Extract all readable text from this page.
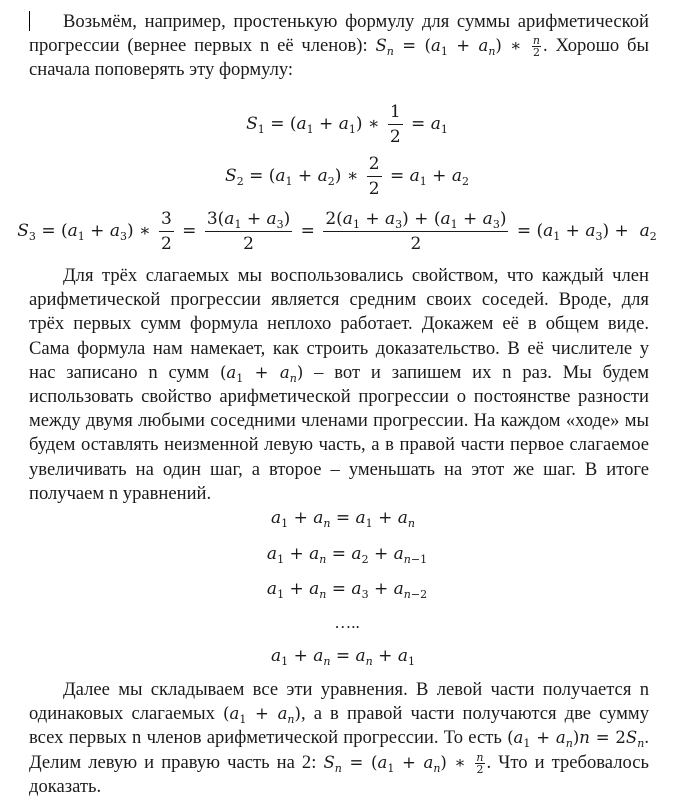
Возьмём, например, простенькую формулу для суммы арифметической прогрессии (вернее первых n её членов): $S_n = (a_1 + a_n)$ ∗ $\frac{n}{2}$ . Хорошо бы сначала поповерять эту формулу:

$S_1 = (a_1 + a_1)$ ∗ $\frac{1}{2} = a_1$
$S_2 = (a_1 + a_2)$ ∗ $\frac{2}{2} = a_1 + a_2$
$S_3 = (a_1 + a_3)$ ∗ $\frac{3}{2} = \frac{3(a_1 + a_3)}{2} = \frac{2(a_1 + a_3) + (a_1 + a_3)}{2} = (a_1 + a_3) + a_2$

Для трёх слагаемых мы воспользовались свойством, что каждый член арифметической прогрессии является средним своих соседей. Вроде, для трёх первых сумм формула неплохо работает. Докажем её в общем виде. Сама формула нам намекает, как строить доказательство. В её числителе у нас записано n сумм $(a_1 + a_n)$ – вот и запишем их n раз. Мы будем использовать свойство арифметической прогрессии о постоянстве разности между двумя любыми соседними членами прогрессии. На каждом «ходе» мы будем оставлять неизменной левую часть, а в правой части первое слагаемое увеличивать на один шаг, а второе – уменьшать на этот же шаг. В итоге получаем n уравнений.

$a_1 + a_n = a_1 + a_n$
$a_1 + a_n = a_2 + a_{n-1}$
$a_1 + a_n = a_3 + a_{n-2}$
…..
$a_1 + a_n = a_n + a_1$

Далее мы складываем все эти уравнения. В левой части получается n одинаковых слагаемых $(a_1 + a_n)$, а в правой части получаются две сумму всех первых n членов арифметической прогрессии. То есть $(a_1 + a_n)n = 2S_n$. Делим левую и правую часть на 2: $S_n = (a_1 + a_n)$ ∗ $\frac{n}{2}$ . Что и требовалось доказать.
